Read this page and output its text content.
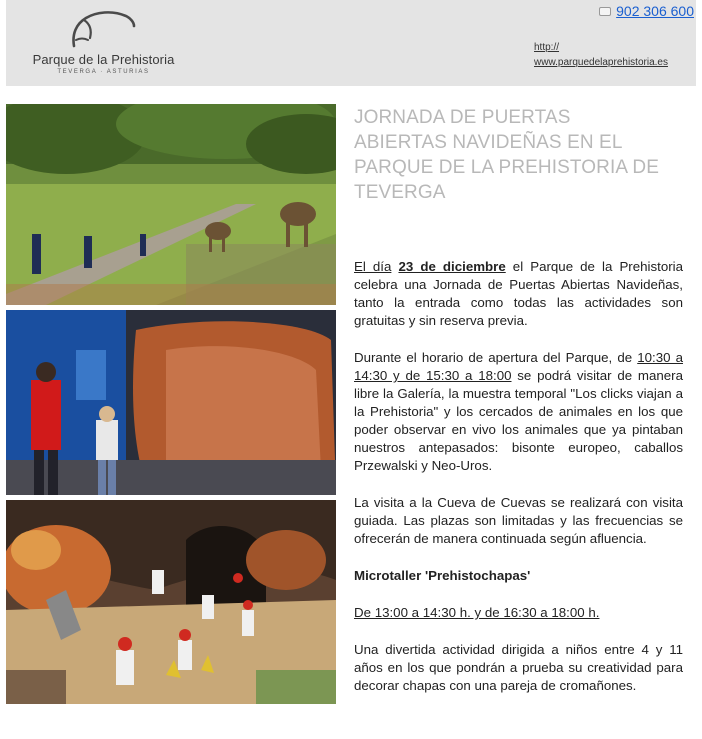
Parque de la Prehistoria
TEVERGA · ASTURIAS
902 306 600
http://
www.parquedelaprehistoria.es
JORNADA DE PUERTAS
ABIERTAS NAVIDEÑAS EN EL
PARQUE DE LA PREHISTORIA DE
TEVERGA

El día 23 de diciembre el Parque de la Prehistoria celebra una Jornada de Puertas Abiertas Navideñas, tanto la entrada como todas las actividades son gratuitas y sin reserva previa.

Durante el horario de apertura del Parque, de 10:30 a 14:30 y de 15:30 a 18:00 se podrá visitar de manera libre la Galería, la muestra temporal "Los clicks viajan a la Prehistoria" y los cercados de animales en los que poder observar en vivo los animales que ya pintaban nuestros antepasados: bisonte europeo, caballos Przewalski y Neo-Uros.

La visita a la Cueva de Cuevas se realizará con visita guiada. Las plazas son limitadas y las frecuencias se ofrecerán de manera continuada según afluencia.

Microtaller 'Prehistochapas'

De 13:00 a 14:30 h. y de 16:30 a 18:00 h.

Una divertida actividad dirigida a niños entre 4 y 11 años en los que pondrán a prueba su creatividad para decorar chapas con una pareja de cromañones.
